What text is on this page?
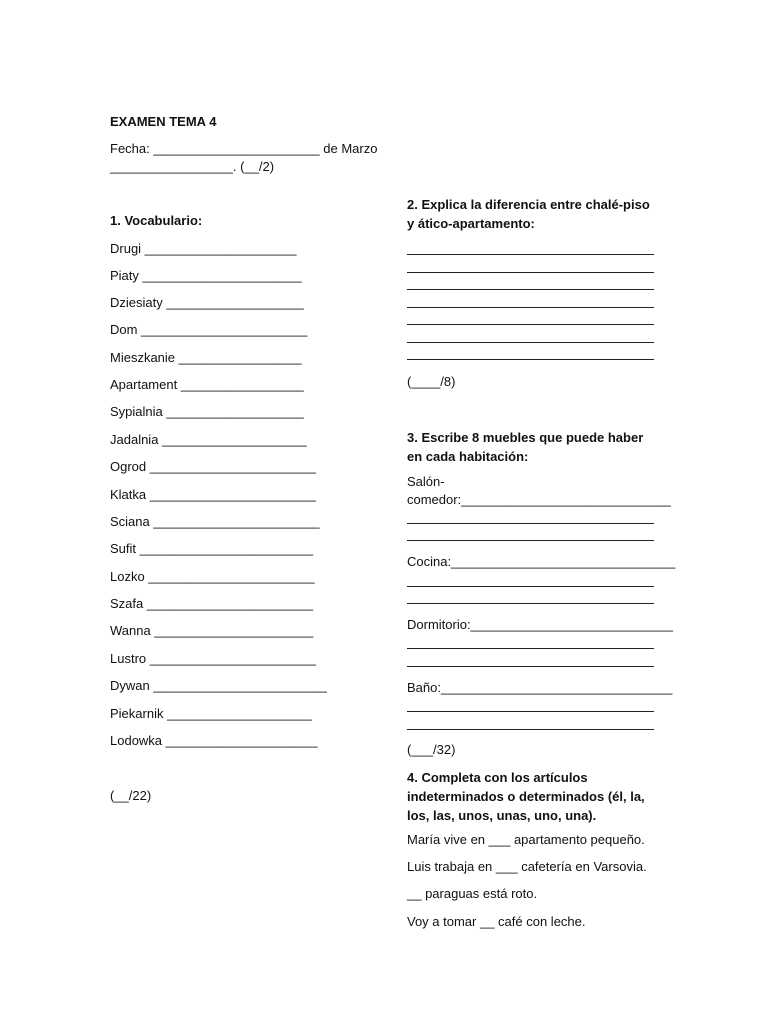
EXAMEN TEMA 4
Fecha: _______________________ de Marzo
_________________. (__/2)
1. Vocabulario:
Drugi _____________________
Piaty ______________________
Dziesiaty ___________________
Dom _______________________
Mieszkanie _________________
Apartament _________________
Sypialnia ___________________
Jadalnia ____________________
Ogrod _______________________
Klatka _______________________
Sciana _______________________
Sufit ________________________
Lozko _______________________
Szafa _______________________
Wanna ______________________
Lustro _______________________
Dywan ________________________
Piekarnik ____________________
Lodowka _____________________
(__/22)
2. Explica la diferencia entre chalé-piso y ático-apartamento:
(____/8)
3. Escribe 8 muebles que puede haber en cada habitación:
Salón-
comedor:_____________________________
Cocina:_______________________________
Dormitorio:____________________________
Baño:________________________________
(___/32)
4. Completa con los artículos indeterminados o determinados (él, la, los, las, unos, unas, uno, una).
María vive en ___ apartamento pequeño.
Luis trabaja en ___ cafetería en Varsovia.
__ paraguas está roto.
Voy a tomar __ café con leche.
